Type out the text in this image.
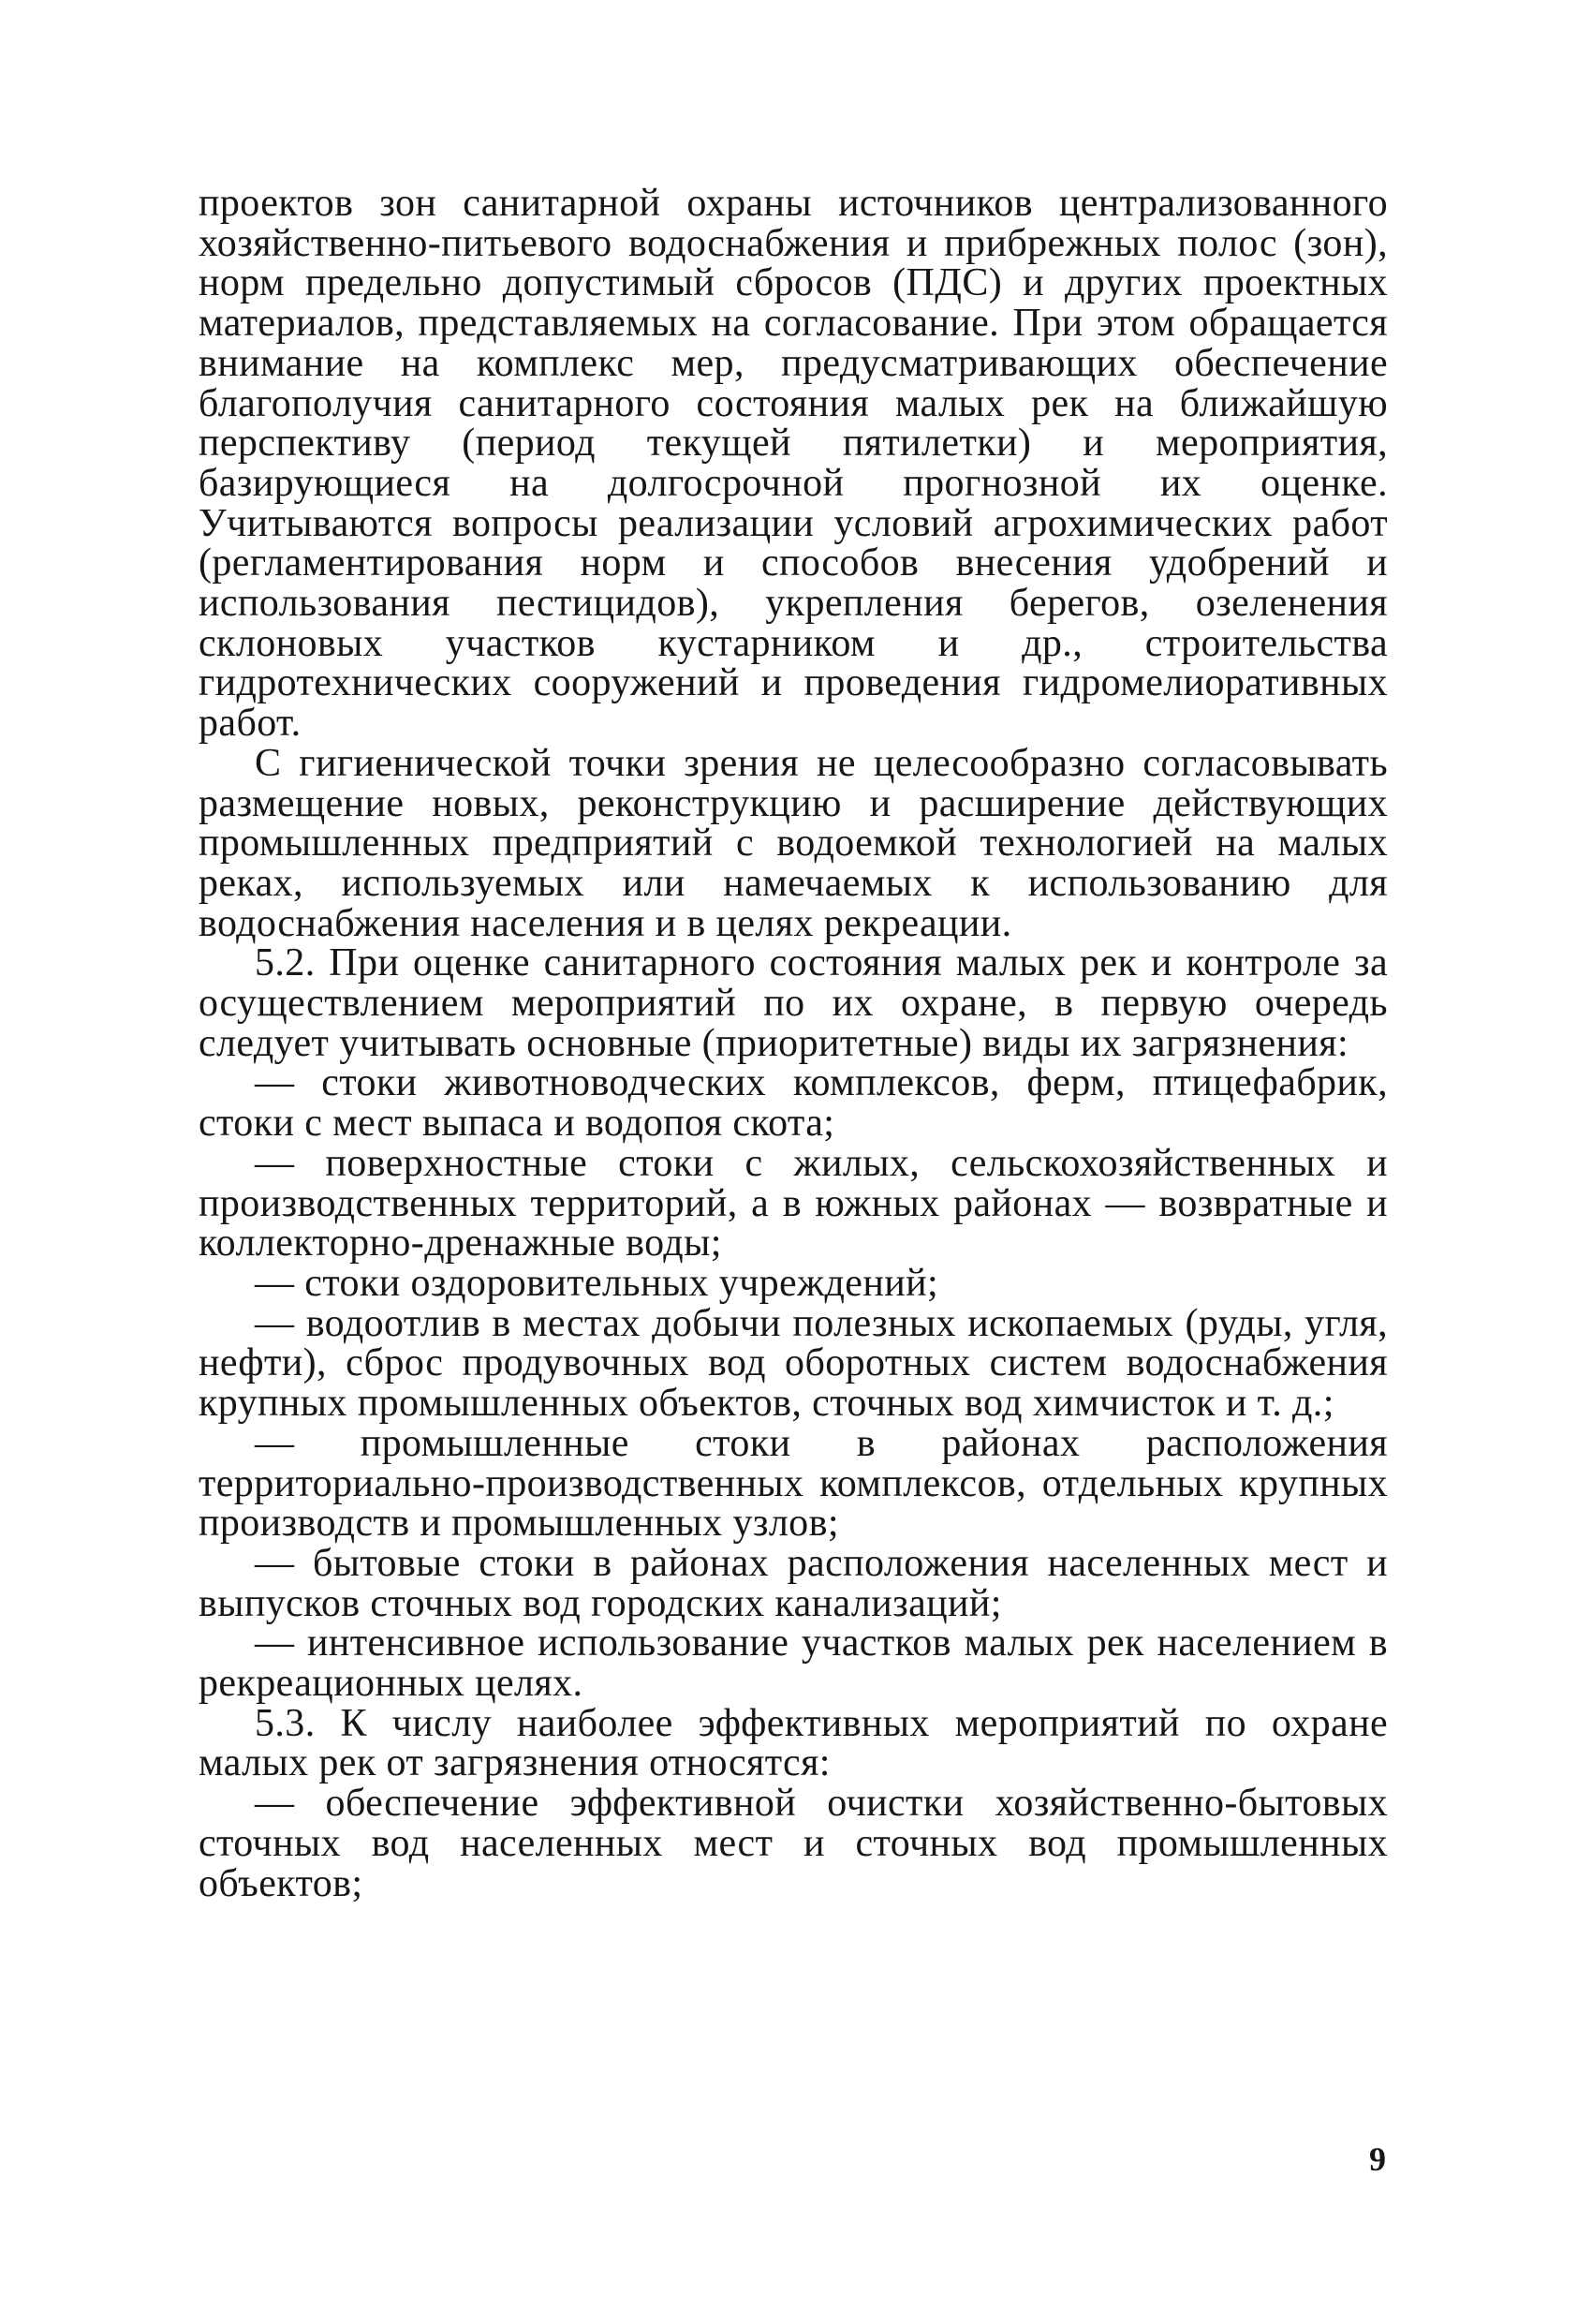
проектов зон санитарной охраны источников централизованного хозяйственно-питьевого водоснабжения и прибрежных полос (зон), норм предельно допустимый сбросов (ПДС) и других проектных материалов, представляемых на согласование. При этом обращается внимание на комплекс мер, предусматривающих обеспечение благополучия санитарного состояния малых рек на ближайшую перспективу (период текущей пятилетки) и мероприятия, базирующиеся на долгосрочной прогнозной их оценке. Учитываются вопросы реализации условий агрохимических работ (регламентирования норм и способов внесения удобрений и использования пестицидов), укрепления берегов, озеленения склоновых участков кустарником и др., строительства гидротехнических сооружений и проведения гидромелиоративных работ.

С гигиенической точки зрения не целесообразно согласовывать размещение новых, реконструкцию и расширение действующих промышленных предприятий с водоемкой технологией на малых реках, используемых или намечаемых к использованию для водоснабжения населения и в целях рекреации.

5.2. При оценке санитарного состояния малых рек и контроле за осуществлением мероприятий по их охране, в первую очередь следует учитывать основные (приоритетные) виды их загрязнения:

— стоки животноводческих комплексов, ферм, птицефабрик, стоки с мест выпаса и водопоя скота;

— поверхностные стоки с жилых, сельскохозяйственных и производственных территорий, а в южных районах — возвратные и коллекторно-дренажные воды;

— стоки оздоровительных учреждений;

— водоотлив в местах добычи полезных ископаемых (руды, угля, нефти), сброс продувочных вод оборотных систем водоснабжения крупных промышленных объектов, сточных вод химчисток и т. д.;

— промышленные стоки в районах расположения территориально-производственных комплексов, отдельных крупных производств и промышленных узлов;

— бытовые стоки в районах расположения населенных мест и выпусков сточных вод городских канализаций;

— интенсивное использование участков малых рек населением в рекреационных целях.

5.3. К числу наиболее эффективных мероприятий по охране малых рек от загрязнения относятся:

— обеспечение эффективной очистки хозяйственно-бытовых сточных вод населенных мест и сточных вод промышленных объектов;

9
